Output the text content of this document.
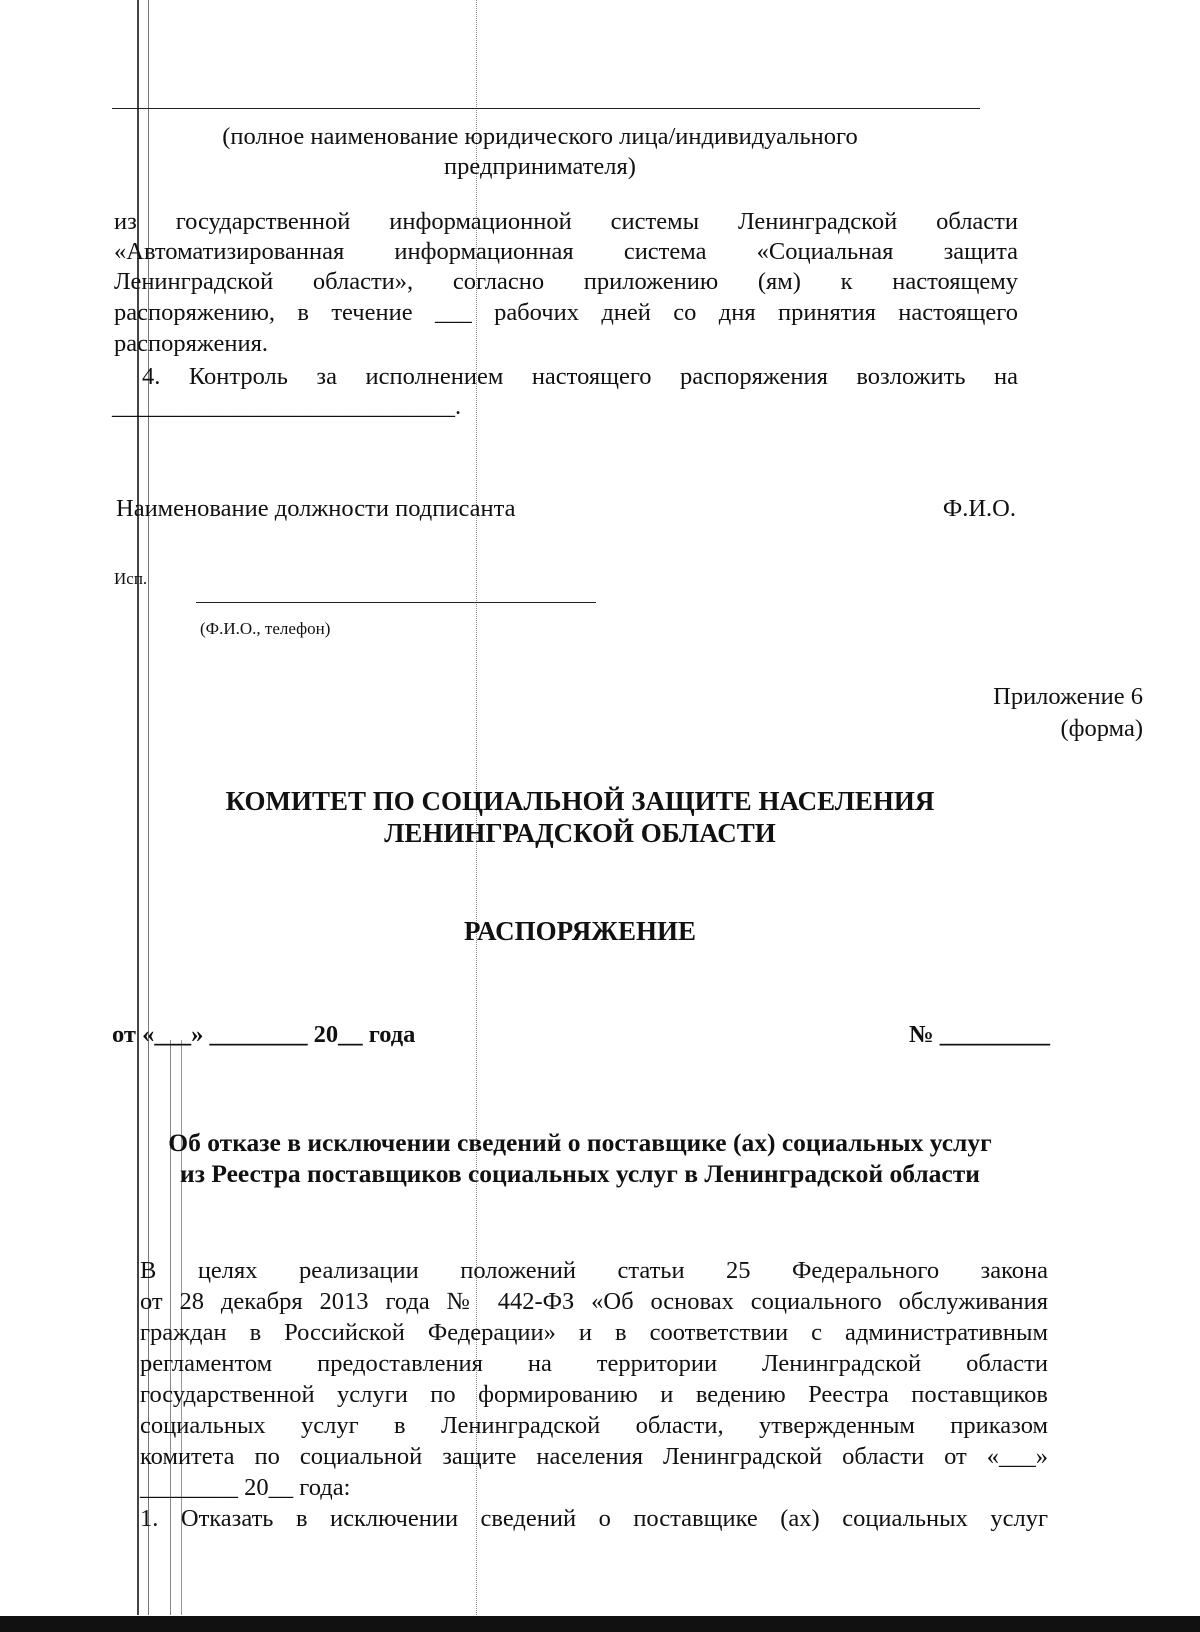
(полное наименование юридического лица/индивидуального
предпринимателя)
из государственной информационной системы Ленинградской области
«Автоматизированная информационная система «Социальная защита
Ленинградской области», согласно приложению (ям) к настоящему
распоряжению, в течение ___ рабочих дней со дня принятия настоящего
распоряжения.
4. Контроль за исполнением настоящего распоряжения возложить на
____________________________.
Наименование должности подписанта	Ф.И.О.
Исп.
(Ф.И.О., телефон)
Приложение 6
(форма)
КОМИТЕТ ПО СОЦИАЛЬНОЙ ЗАЩИТЕ НАСЕЛЕНИЯ
ЛЕНИНГРАДСКОЙ ОБЛАСТИ
РАСПОРЯЖЕНИЕ
от «___» ________ 20__ года	№ _________
Об отказе в исключении сведений о поставщике (ах) социальных услуг
из Реестра поставщиков социальных услуг в Ленинградской области
В целях реализации положений статьи 25 Федерального закона
от 28 декабря 2013 года № 442-ФЗ «Об основах социального обслуживания
граждан в Российской Федерации» и в соответствии с административным
регламентом предоставления на территории Ленинградской области
государственной услуги по формированию и ведению Реестра поставщиков
социальных услуг в Ленинградской области, утвержденным приказом
комитета по социальной защите населения Ленинградской области от «___»
________ 20__ года:
1. Отказать в исключении сведений о поставщике (ах) социальных услуг
